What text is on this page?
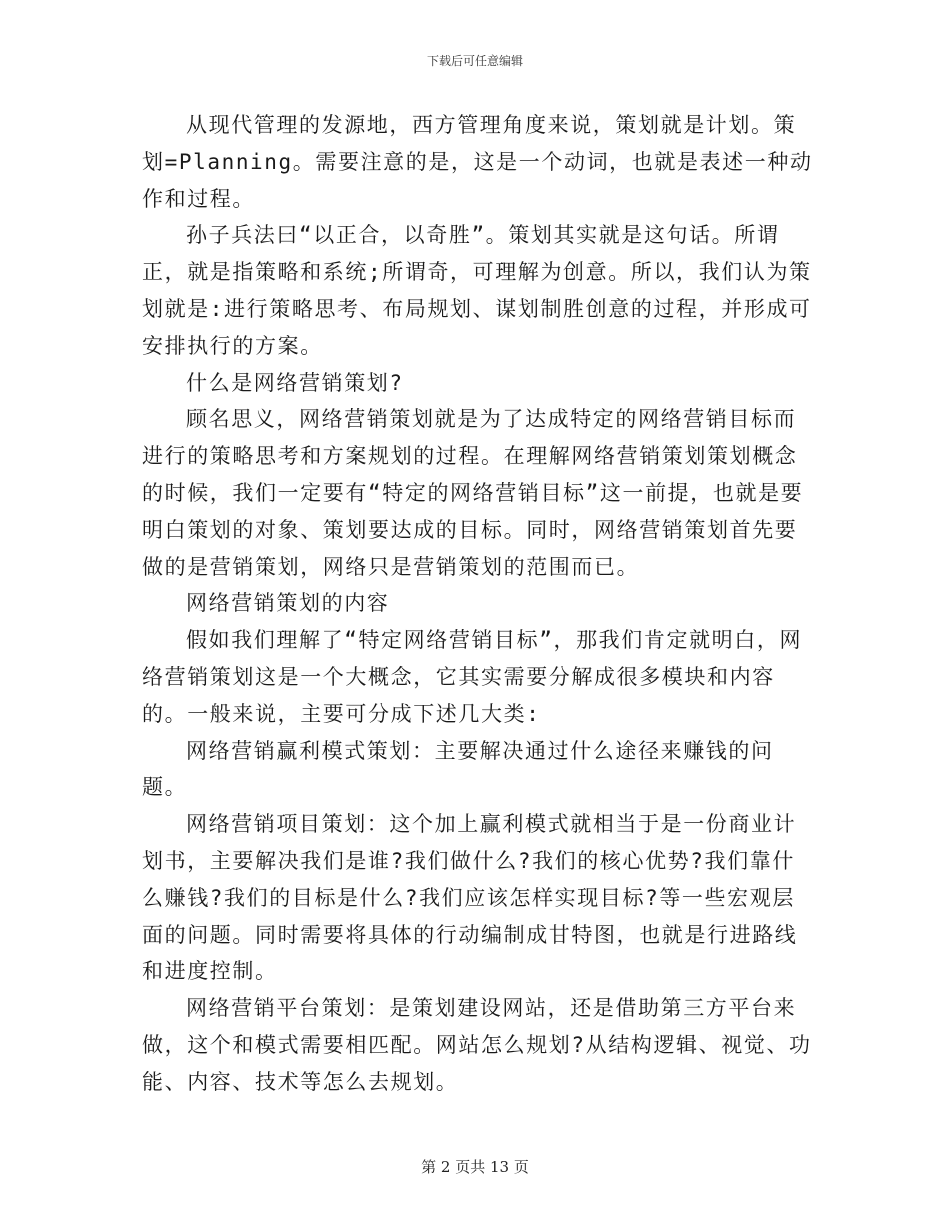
下载后可任意编辑

从现代管理的发源地，西方管理角度来说，策划就是计划。策划=Planning。需要注意的是，这是一个动词，也就是表述一种动作和过程。

孙子兵法曰“以正合，以奇胜”。策划其实就是这句话。所谓正，就是指策略和系统;所谓奇，可理解为创意。所以，我们认为策划就是:进行策略思考、布局规划、谋划制胜创意的过程，并形成可安排执行的方案。

什么是网络营销策划?

顾名思义，网络营销策划就是为了达成特定的网络营销目标而进行的策略思考和方案规划的过程。在理解网络营销策划策划概念的时候，我们一定要有“特定的网络营销目标”这一前提，也就是要明白策划的对象、策划要达成的目标。同时，网络营销策划首先要做的是营销策划，网络只是营销策划的范围而已。

网络营销策划的内容

假如我们理解了“特定网络营销目标”，那我们肯定就明白，网络营销策划这是一个大概念，它其实需要分解成很多模块和内容的。一般来说，主要可分成下述几大类:

网络营销赢利模式策划：主要解决通过什么途径来赚钱的问题。

网络营销项目策划：这个加上赢利模式就相当于是一份商业计划书，主要解决我们是谁?我们做什么?我们的核心优势?我们靠什么赚钱?我们的目标是什么?我们应该怎样实现目标?等一些宏观层面的问题。同时需要将具体的行动编制成甘特图，也就是行进路线和进度控制。

网络营销平台策划：是策划建设网站，还是借助第三方平台来做，这个和模式需要相匹配。网站怎么规划?从结构逻辑、视觉、功能、内容、技术等怎么去规划。

第 2 页共 13 页
